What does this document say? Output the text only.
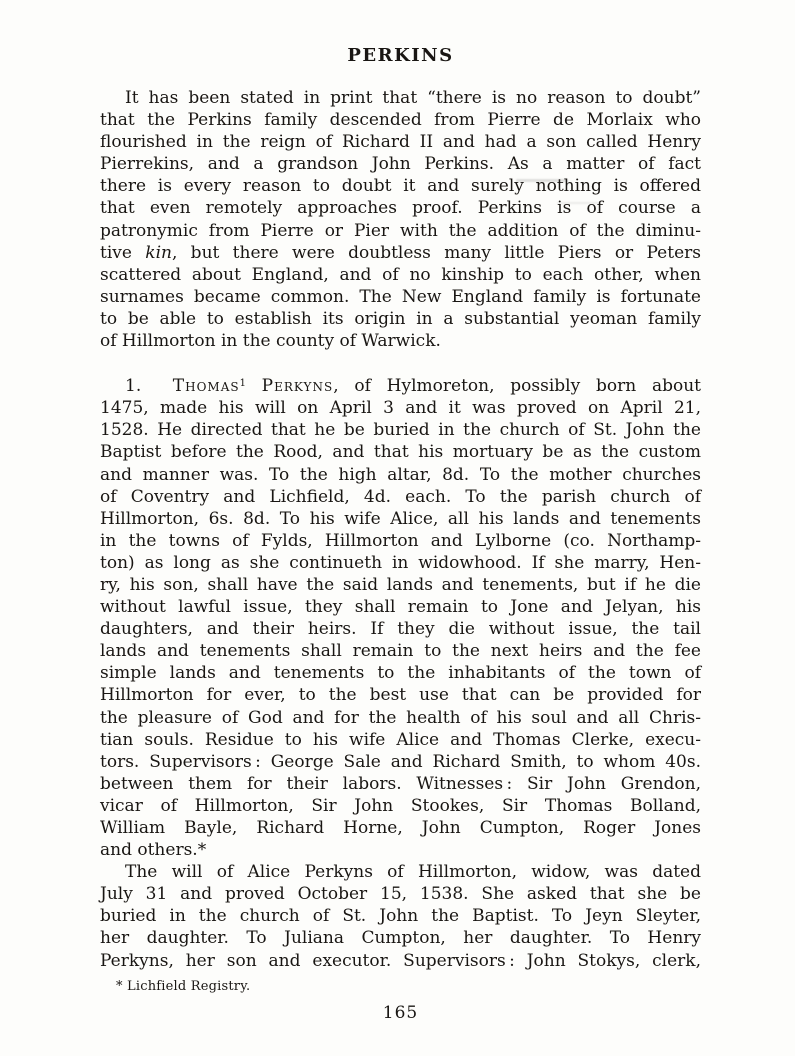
PERKINS
It has been stated in print that “there is no reason to doubt”
that the Perkins family descended from Pierre de Morlaix who
flourished in the reign of Richard II and had a son called Henry
Pierrekins, and a grandson John Perkins. As a matter of fact
there is every reason to doubt it and surely nothing is offered
that even remotely approaches proof. Perkins is of course a
patronymic from Pierre or Pier with the addition of the diminu-
tive kin, but there were doubtless many little Piers or Peters
scattered about England, and of no kinship to each other, when
surnames became common. The New England family is fortunate
to be able to establish its origin in a substantial yeoman family
of Hillmorton in the county of Warwick.
1.  Thomas$^1$ Perkyns, of Hylmoreton, possibly born about
1475, made his will on April 3 and it was proved on April 21,
1528. He directed that he be buried in the church of St. John the
Baptist before the Rood, and that his mortuary be as the custom
and manner was. To the high altar, 8d. To the mother churches
of Coventry and Lichfield, 4d. each. To the parish church of
Hillmorton, 6s. 8d. To his wife Alice, all his lands and tenements
in the towns of Fylds, Hillmorton and Lylborne (co. Northamp-
ton) as long as she continueth in widowhood. If she marry, Hen-
ry, his son, shall have the said lands and tenements, but if he die
without lawful issue, they shall remain to Jone and Jelyan, his
daughters, and their heirs. If they die without issue, the tail
lands and tenements shall remain to the next heirs and the fee
simple lands and tenements to the inhabitants of the town of
Hillmorton for ever, to the best use that can be provided for
the pleasure of God and for the health of his soul and all Chris-
tian souls. Residue to his wife Alice and Thomas Clerke, execu-
tors. Supervisors : George Sale and Richard Smith, to whom 40s.
between them for their labors. Witnesses : Sir John Grendon,
vicar of Hillmorton, Sir John Stookes, Sir Thomas Bolland,
William Bayle, Richard Horne, John Cumpton, Roger Jones
and others.*
The will of Alice Perkyns of Hillmorton, widow, was dated
July 31 and proved October 15, 1538. She asked that she be
buried in the church of St. John the Baptist. To Jeyn Sleyter,
her daughter. To Juliana Cumpton, her daughter. To Henry
Perkyns, her son and executor. Supervisors : John Stokys, clerk,
* Lichfield Registry.
165
